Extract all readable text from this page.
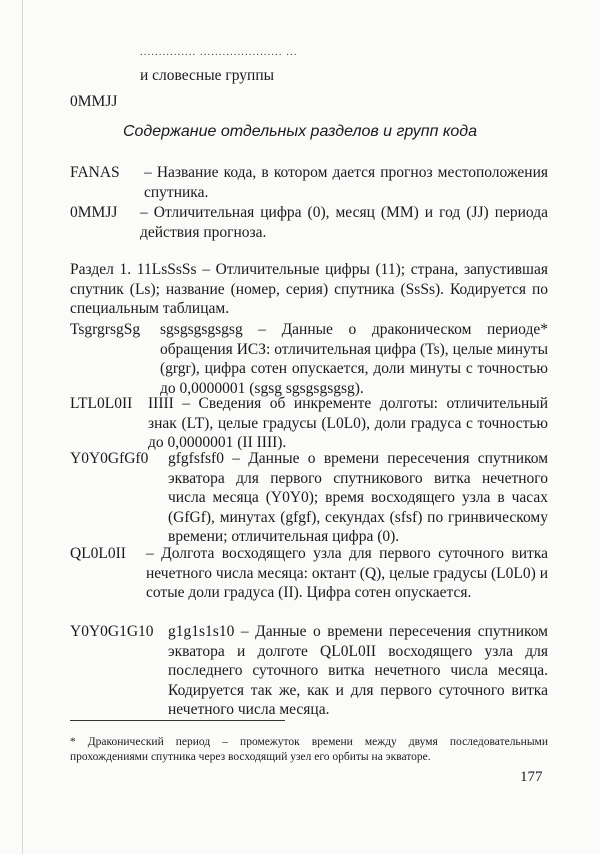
............... ...................... ...
и словесные группы
0MMJJ
Содержание отдельных разделов и групп кода
FANAS – Название кода, в котором дается прогноз местоположения спутника.
0MMJJ – Отличительная цифра (0), месяц (MM) и год (JJ) периода действия прогноза.
Раздел 1. 11LsSsSs – Отличительные цифры (11); страна, запустившая спутник (Ls); название (номер, серия) спутника (SsSs). Кодируется по специальным таблицам.
TsgrgrsgSg sgsgsgsgsgsg – Данные о драконическом периоде* обращения ИСЗ: отличительная цифра (Ts), целые минуты (grgr), цифра сотен опускается, доли минуты с точностью до 0,0000001 (sgsg sgsgsgsgsg).
LTL0L0II IIIII – Сведения об инкременте долготы: отличительный знак (LT), целые градусы (L0L0), доли градуса с точностью до 0,0000001 (II IIII).
Y0Y0GfGf0 gfgfsfsf0 – Данные о времени пересечения спутником экватора для первого спутникового витка нечетного числа месяца (Y0Y0); время восходящего узла в часах (GfGf), минутах (gfgf), секундах (sfsf) по гринвическому времени; отличительная цифра (0).
QL0L0II – Долгота восходящего узла для первого суточного витка нечетного числа месяца: октант (Q), целые градусы (L0L0) и сотые доли градуса (II). Цифра сотен опускается.
Y0Y0G1G10 g1g1s1s10 – Данные о времени пересечения спутником экватора и долготе QL0L0II восходящего узла для последнего суточного витка нечетного числа месяца. Кодируется так же, как и для первого суточного витка нечетного числа месяца.
* Драконический период – промежуток времени между двумя последовательными прохождениями спутника через восходящий узел его орбиты на экваторе.
177
